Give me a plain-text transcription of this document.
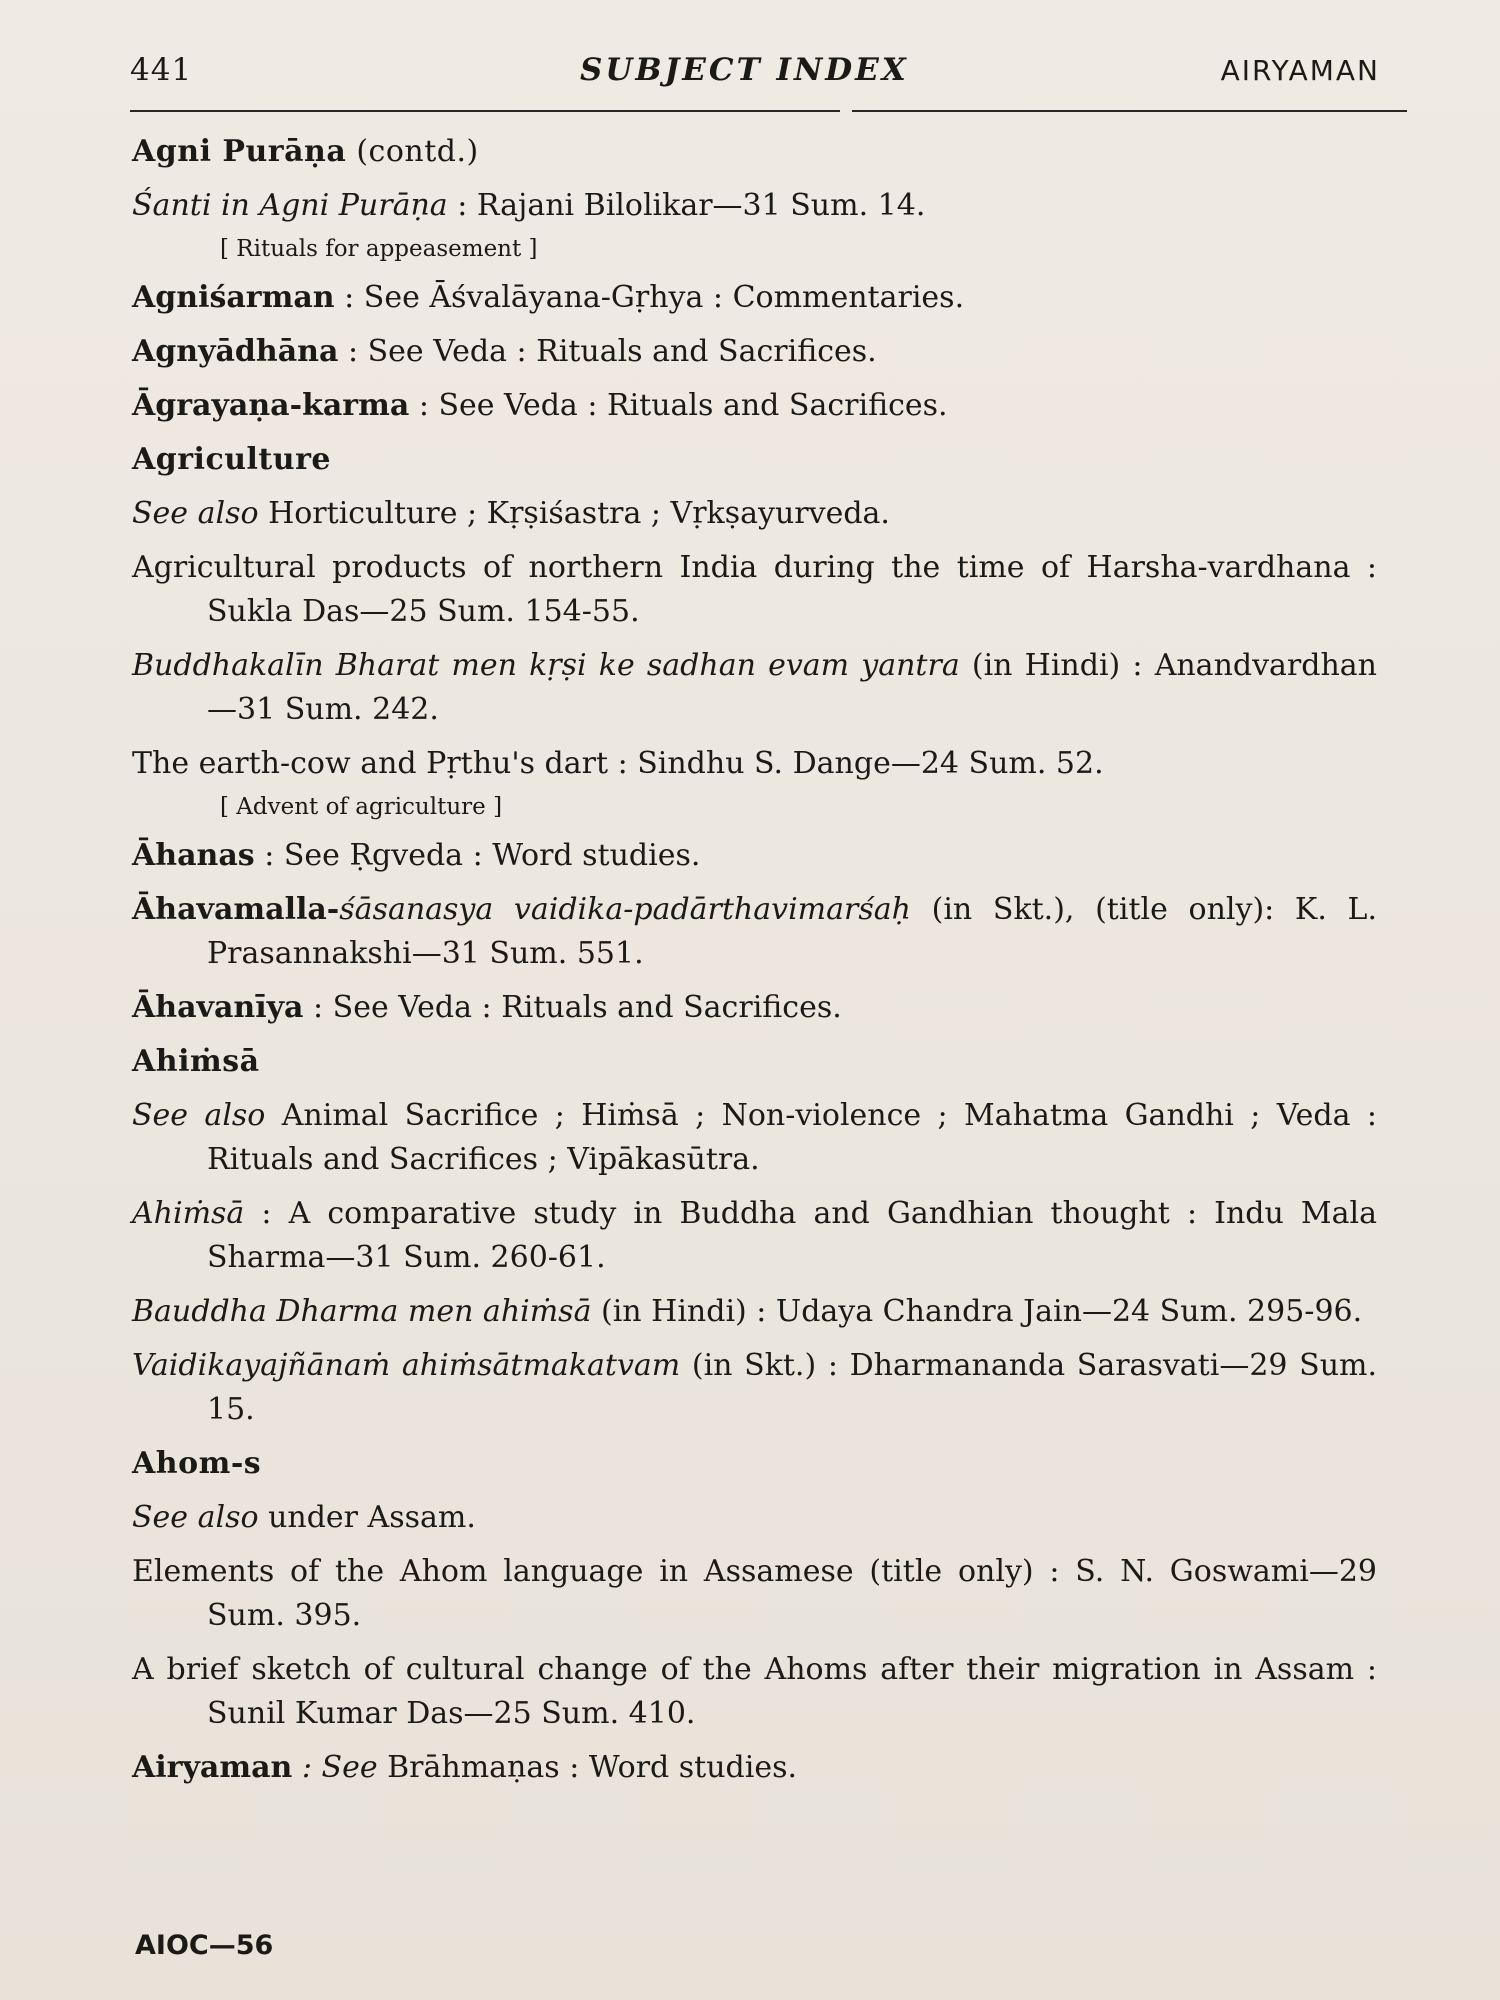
441	SUBJECT INDEX	AIRYAMAN

Agni Purāṇa (contd.)

Śanti in Agni Purāṇa : Rajani Bilolikar—31 Sum. 14.

[ Rituals for appeasement ]

Agniśarman : See Āśvalāyana-Gṛhya : Commentaries.

Agnyādhāna : See Veda : Rituals and Sacrifices.

Āgrayaṇa-karma : See Veda : Rituals and Sacrifices.

Agriculture

See also Horticulture ; Kṛṣiśastra ; Vṛkṣayurveda.

Agricultural products of northern India during the time of Harsha-vardhana : Sukla Das—25 Sum. 154-55.

Buddhakalīn Bharat men kṛṣi ke sadhan evam yantra (in Hindi) : Anandvardhan—31 Sum. 242.

The earth-cow and Pṛthu's dart : Sindhu S. Dange—24 Sum. 52.

[ Advent of agriculture ]

Āhanas : See Ṛgveda : Word studies.

Āhavamalla-śāsanasya vaidika-padārthavimarśaḥ (in Skt.), (title only): K. L. Prasannakshi—31 Sum. 551.

Āhavanīya : See Veda : Rituals and Sacrifices.

Ahiṁsā

See also Animal Sacrifice ; Hiṁsā ; Non-violence ; Mahatma Gandhi ; Veda : Rituals and Sacrifices ; Vipākasūtra.

Ahiṁsā : A comparative study in Buddha and Gandhian thought : Indu Mala Sharma—31 Sum. 260-61.

Bauddha Dharma men ahiṁsā (in Hindi) : Udaya Chandra Jain—24 Sum. 295-96.

Vaidikayajñānaṁ ahiṁsātmakatvam (in Skt.) : Dharmananda Sarasvati—29 Sum. 15.

Ahom-s

See also under Assam.

Elements of the Ahom language in Assamese (title only) : S. N. Goswami—29 Sum. 395.

A brief sketch of cultural change of the Ahoms after their migration in Assam : Sunil Kumar Das—25 Sum. 410.

Airyaman : See Brāhmaṇas : Word studies.

AIOC—56
